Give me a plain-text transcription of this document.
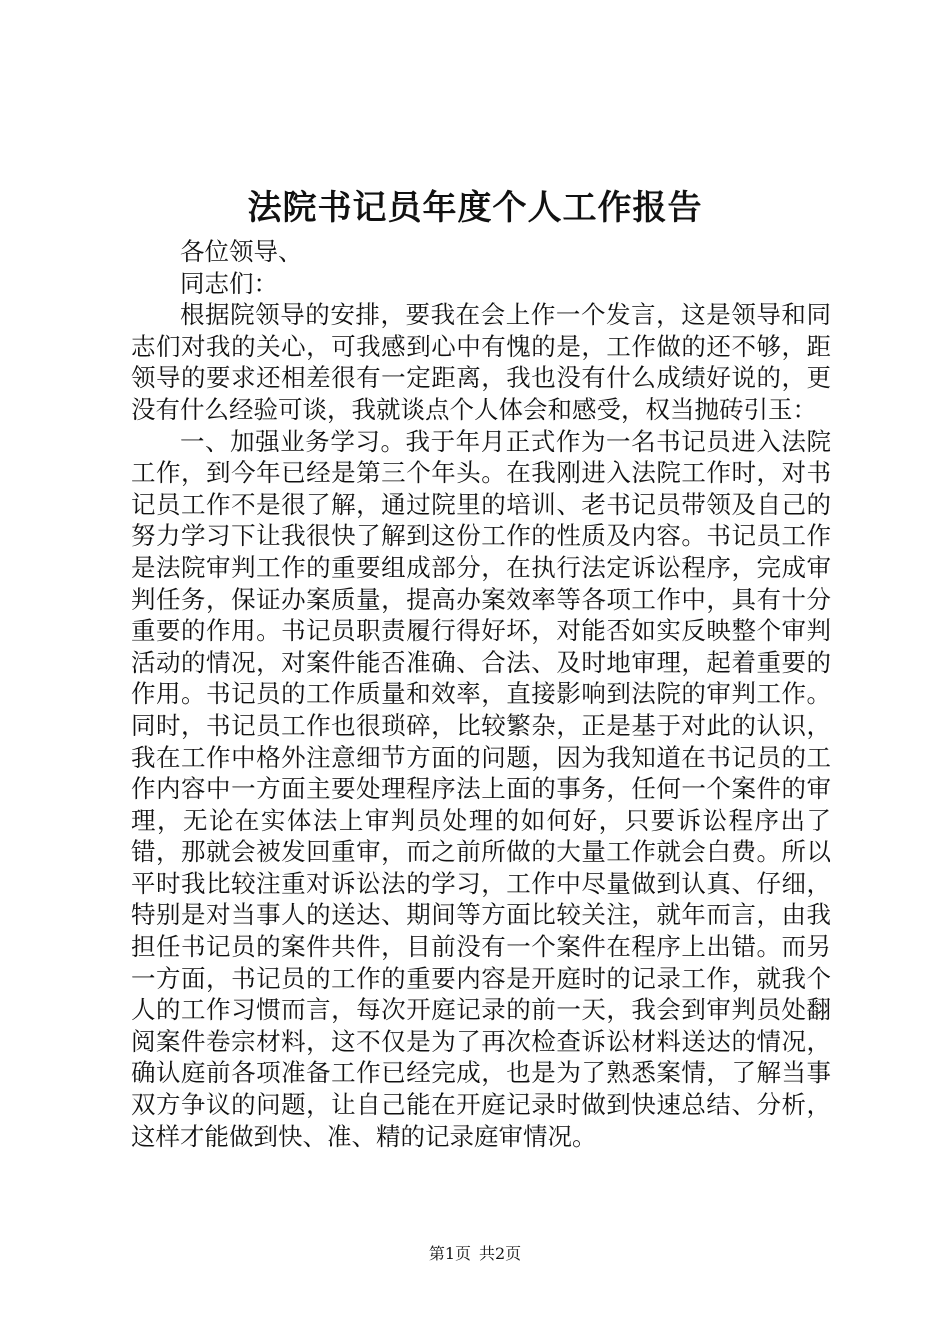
法院书记员年度个人工作报告

各位领导、

同志们：

根据院领导的安排，要我在会上作一个发言，这是领导和同志们对我的关心，可我感到心中有愧的是，工作做的还不够，距领导的要求还相差很有一定距离，我也没有什么成绩好说的，更没有什么经验可谈，我就谈点个人体会和感受，权当抛砖引玉：

一、加强业务学习。我于年月正式作为一名书记员进入法院工作，到今年已经是第三个年头。在我刚进入法院工作时，对书记员工作不是很了解，通过院里的培训、老书记员带领及自己的努力学习下让我很快了解到这份工作的性质及内容。书记员工作是法院审判工作的重要组成部分，在执行法定诉讼程序，完成审判任务，保证办案质量，提高办案效率等各项工作中，具有十分重要的作用。书记员职责履行得好坏，对能否如实反映整个审判活动的情况，对案件能否准确、合法、及时地审理，起着重要的作用。书记员的工作质量和效率，直接影响到法院的审判工作。同时，书记员工作也很琐碎，比较繁杂，正是基于对此的认识，我在工作中格外注意细节方面的问题，因为我知道在书记员的工作内容中一方面主要处理程序法上面的事务，任何一个案件的审理，无论在实体法上审判员处理的如何好，只要诉讼程序出了错，那就会被发回重审，而之前所做的大量工作就会白费。所以平时我比较注重对诉讼法的学习，工作中尽量做到认真、仔细，特别是对当事人的送达、期间等方面比较关注，就年而言，由我担任书记员的案件共件，目前没有一个案件在程序上出错。而另一方面，书记员的工作的重要内容是开庭时的记录工作，就我个人的工作习惯而言，每次开庭记录的前一天，我会到审判员处翻阅案件卷宗材料，这不仅是为了再次检查诉讼材料送达的情况，确认庭前各项准备工作已经完成，也是为了熟悉案情，了解当事双方争议的问题，让自己能在开庭记录时做到快速总结、分析，这样才能做到快、准、精的记录庭审情况。

第1页 共2页
